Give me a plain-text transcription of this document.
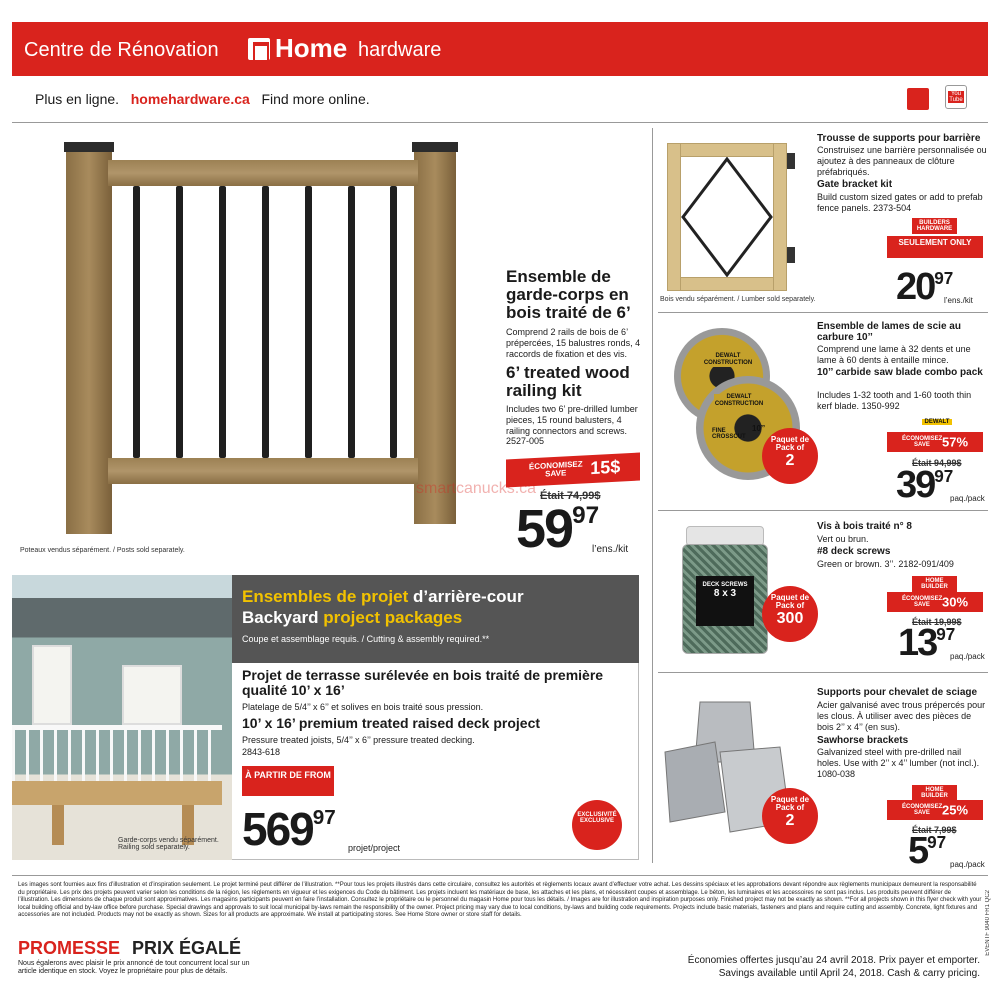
Centre de Rénovation Home hardware
Plus en ligne. homehardware.ca Find more online.	You Tube
Poteaux vendus séparément. / Posts sold separately.
Ensemble de garde-corps en bois traité de 6’
Comprend 2 rails de bois de 6’ prépercées, 15 balustres ronds, 4 raccords de fixation et des vis.
6’ treated wood railing kit
Includes two 6’ pre-drilled lumber pieces, 15 round balusters, 4 railing connectors and screws. 2527-005
ÉCONOMISEZ SAVE 15$
Était 74,99$
$59^{97}$
l’ens./kit
smartcanucks.ca
Bois vendu séparément. / Lumber sold separately.
Trousse de supports pour barrière
Construisez une barrière personnalisée ou ajoutez à des panneaux de clôture préfabriqués.
Gate bracket kit
Build custom sized gates or add to prefab fence panels. 2373-504
BUILDERS HARDWARE
SEULEMENT ONLY
$20^{97}$
l’ens./kit
DEWALT
CONSTRUCTION
DEWALT
CONSTRUCTION
FINE CROSSCUT
10’’
Paquet de Pack of
2
Ensemble de lames de scie au carbure 10’’
Comprend une lame à 32 dents et une lame à 60 dents à entaille mince.
10’’ carbide saw blade combo pack
Includes 1-32 tooth and 1-60 tooth thin kerf blade. 1350-992
DEWALT
ÉCONOMISEZ SAVE 57%
Était 94,99$
$39^{97}$
paq./pack
DECK SCREWS
8 x 3	Paquet de Pack of
300
Vis à bois traité n° 8
Vert ou brun.
#8 deck screws
Green or brown. 3’’. 2182-091/409
HOME BUILDER
ÉCONOMISEZ SAVE 30%
Était 19,99$
$13^{97}$
paq./pack
Paquet de Pack of
2
Supports pour chevalet de sciage
Acier galvanisé avec trous prépercés pour les clous. À utiliser avec des pièces de bois 2’’ x 4’’ (en sus).
Sawhorse brackets
Galvanized steel with pre-drilled nail holes. Use with 2’’ x 4’’ lumber (not incl.). 1080-038
HOME BUILDER
ÉCONOMISEZ SAVE 25%
Était 7,99$
$5^{97}$
paq./pack
Garde-corps vendu séparément. Railing sold separately.
Ensembles de projet d’arrière-cour
Backyard project packages
Coupe et assemblage requis. / Cutting & assembly required.**
Projet de terrasse surélevée en bois traité de première qualité 10’ x 16’
Platelage de 5/4’’ x 6’’ et solives en bois traité sous pression.
10’ x 16’ premium treated raised deck project
Pressure treated joists, 5/4’’ x 6’’ pressure treated decking.
2843-618
À PARTIR DE FROM
$569^{97}$
projet/project
EXCLUSIVITÉ EXCLUSIVE
Les images sont fournies aux fins d’illustration et d’inspiration seulement. Le projet terminé peut différer de l’illustration. **Pour tous les projets illustrés dans cette circulaire, consultez les autorités et règlements locaux avant d’effectuer votre achat. Les dessins spéciaux et les approbations devant répondre aux règlements municipaux demeurent la responsabilité du propriétaire. Les prix des projets peuvent varier selon les conditions de la région, les règlements en vigueur et les exigences du Code du bâtiment. Les projets incluent les matériaux de base, les attaches et les plans, et nécessitent coupes et assemblage. Le béton, les luminaires et les accessoires ne sont pas inclus. Les produits peuvent différer de l’illustration. Les dimensions de chaque produit sont approximatives. Les magasins participants peuvent en faire l’installation. Consultez le propriétaire ou le personnel du magasin Home pour tous les détails. / Images are for illustration and inspiration purposes only. Finished project may not be exactly as shown. **For all projects shown in this flyer check with your local building official and by-law office before purchase. Special drawings and approvals to suit local municipal by-laws remain the responsibility of the owner. Project pricing may vary due to local conditions, by-laws and building code requirements. Projects include basic materials, fasteners and plans and require cutting and assembly. Concrete, light fixtures and accessories are not included. Products may not be exactly as shown. Sizes for all products are approximate. We install at participating stores. See Home Store owner or store staff for details.
PROMESSE PRIX ÉGALÉ
Nous égalerons avec plaisir le prix annoncé de tout concurrent local sur un article identique en stock. Voyez le propriétaire pour plus de détails.
Économies offertes jusqu’au 24 avril 2018. Prix payer et emporter.
Savings available until April 24, 2018. Cash & carry pricing.
EVENTF 9040 FR1 QC2
